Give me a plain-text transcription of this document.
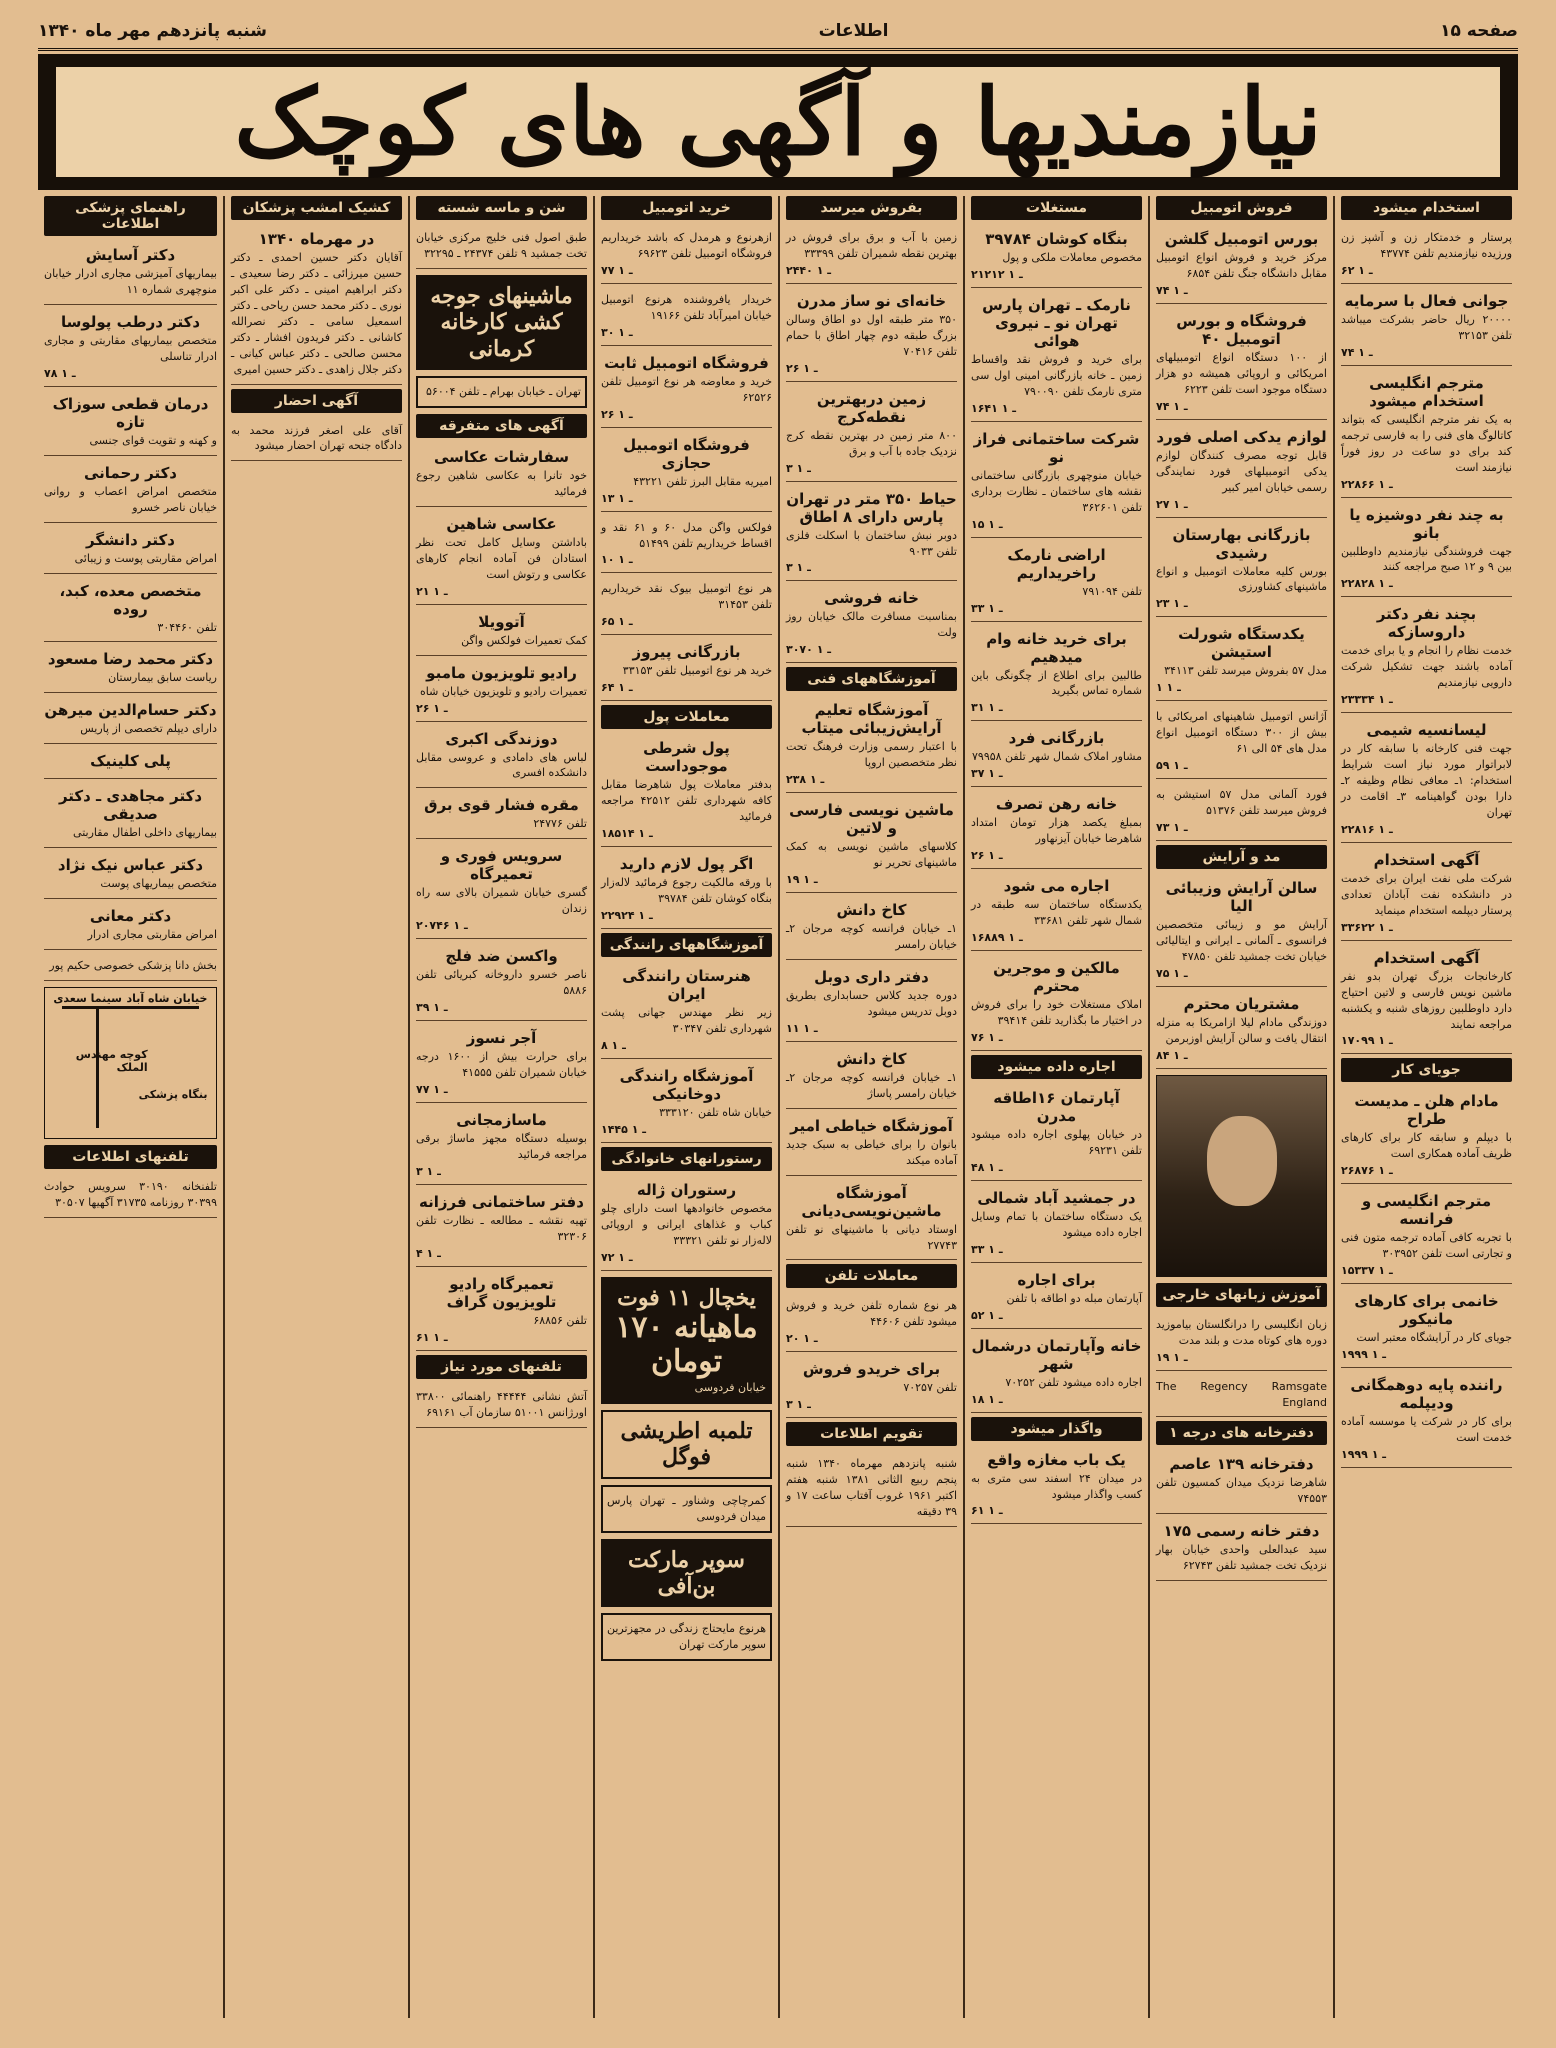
صفحه ۱۵
اطلاعات
شنبه پانزدهم مهر ماه ۱۳۴۰
نیازمندیها و آگهی های کوچک
استخدام میشود
پرستار و خدمتکار زن و آشپز زن ورزیده نیازمندیم تلفن ۴۳۷۷۴
۶۲ ـ ۱
جوانی فعال با سرمایه
۲۰۰۰۰ ریال حاضر بشرکت میباشد تلفن ۳۲۱۵۳
۷۴ ـ ۱
مترجم انگلیسی استخدام میشود
به یک نفر مترجم انگلیسی که بتواند کاتالوگ های فنی را به فارسی ترجمه کند برای دو ساعت در روز فوراً نیازمند است
۲۲۸۶۶ ـ ۱
به چند نفر دوشیزه یا بانو
جهت فروشندگی نیازمندیم داوطلبین بین ۹ و ۱۲ صبح مراجعه کنند
۲۲۸۲۸ ـ ۱
بچند نفر دکتر داروسازکه
خدمت نظام را انجام و یا برای خدمت آماده باشند جهت تشکیل شرکت دارویی نیازمندیم
۲۳۳۳۴ ـ ۱
لیسانسیه شیمی
جهت فنی کارخانه با سابقه کار در لابراتوار مورد نیاز است شرایط استخدام: ۱ـ معافی نظام وظیفه ۲ـ دارا بودن گواهینامه ۳ـ اقامت در تهران
۲۲۸۱۶ ـ ۱
آگهی استخدام
شرکت ملی نفت ایران برای خدمت در دانشکده نفت آبادان تعدادی پرستار دیپلمه استخدام مینماید
۳۳۶۲۲ ـ ۱
آگهی استخدام
کارخانجات بزرگ تهران بدو نفر ماشین نویس فارسی و لاتین احتیاج دارد داوطلبین روزهای شنبه و یکشنبه مراجعه نمایند
۱۷۰۹۹ ـ ۱
جویای کار
مادام هلن ـ مدیست طراح
با دیپلم و سابقه کار برای کارهای ظریف آماده همکاری است
۲۶۸۷۶ ـ ۱
مترجم انگلیسی و فرانسه
با تجربه کافی آماده ترجمه متون فنی و تجارتی است تلفن ۳۰۳۹۵۲
۱۵۳۳۷ ـ ۱
خانمی برای کارهای مانیکور
جویای کار در آرایشگاه معتبر است
۱۹۹۹ ـ ۱
راننده پایه دوهمگانی ودیپلمه
برای کار در شرکت یا موسسه آماده خدمت است
۱۹۹۹ ـ ۱
فروش اتومبیل
بورس اتومبیل گلشن
مرکز خرید و فروش انواع اتومبیل مقابل دانشگاه جنگ تلفن ۶۸۵۴
۷۴ ـ ۱
فروشگاه و بورس اتومبیل ۴۰
از ۱۰۰ دستگاه انواع اتومبیلهای امریکائی و اروپائی همیشه دو هزار دستگاه موجود است تلفن ۶۲۲۳
۷۴ ـ ۱
لوازم یدکی اصلی فورد
قابل توجه مصرف کنندگان لوازم یدکی اتومبیلهای فورد نمایندگی رسمی خیابان امیر کبیر
۲۷ ـ ۱
بازرگانی بهارستان رشیدی
بورس کلیه معاملات اتومبیل و انواع ماشینهای کشاورزی
۲۳ ـ ۱
یکدستگاه شورلت استیشن
مدل ۵۷ بفروش میرسد تلفن ۳۴۱۱۳
۱ ـ ۱
آژانس اتومبیل شاهینهای امریکائی با بیش از ۳۰۰ دستگاه اتومبیل انواع مدل های ۵۴ الی ۶۱
۵۹ ـ ۱
فورد آلمانی مدل ۵۷ استیشن به فروش میرسد تلفن ۵۱۳۷۶
۷۳ ـ ۱
مد و آرایش
سالن آرایش وزیبائی الیا
آرایش مو و زیبائی متخصصین فرانسوی ـ آلمانی ـ ایرانی و ایتالیائی خیابان تخت جمشید تلفن ۴۷۸۵۰
۷۵ ـ ۱
مشتریان محترم
دوزندگی مادام لیلا ازامریکا به منزله انتقال یافت و سالن آرایش اوزبرمن
۸۴ ـ ۱
آموزش زبانهای خارجی
زبان انگلیسی را درانگلستان بیاموزید دوره های کوتاه مدت و بلند مدت
۱۹ ـ ۱
The Regency Ramsgate England
دفترخانه های درجه ۱
دفترخانه ۱۳۹ عاصم
شاهرضا نزدیک میدان کمسیون تلفن ۷۴۵۵۳
دفتر خانه رسمی ۱۷۵
سید عبدالعلی واحدی خیابان بهار نزدیک تخت جمشید تلفن ۶۲۷۴۳
مستغلات
بنگاه کوشان ۳۹۷۸۴
مخصوص معاملات ملکی و پول
۲۱۲۱۲ ـ ۱
نارمک ـ تهران پارس تهران نو ـ نیروی هوائی
برای خرید و فروش نقد واقساط زمین ـ خانه بازرگانی امینی اول سی متری نارمک تلفن ۷۹۰۰۹۰
۱۶۴۱ ـ ۱
شرکت ساختمانی فراز نو
خیابان منوچهری بازرگانی ساختمانی نقشه های ساختمان ـ نظارت برداری تلفن ۳۶۲۶۰۱
۱۵ ـ ۱
اراضی نارمک راخریداریم
تلفن ۷۹۱۰۹۴
۳۳ ـ ۱
برای خرید خانه وام میدهیم
طالبین برای اطلاع از چگونگی باین شماره تماس بگیرید
۳۱ ـ ۱
بازرگانی فرد
مشاور املاک شمال شهر تلفن ۷۹۹۵۸
۳۷ ـ ۱
خانه رهن تصرف
بمبلغ یکصد هزار تومان امتداد شاهرضا خیابان آیزنهاور
۲۶ ـ ۱
اجاره می شود
یکدستگاه ساختمان سه طبقه در شمال شهر تلفن ۳۳۶۸۱
۱۶۸۸۹ ـ ۱
مالکین و موجرین محترم
املاک مستغلات خود را برای فروش در اختیار ما بگذارید تلفن ۳۹۴۱۴
۷۶ ـ ۱
اجاره داده میشود
آپارتمان ۱۶اطاقه مدرن
در خیابان پهلوی اجاره داده میشود تلفن ۶۹۲۳۱
۴۸ ـ ۱
در جمشید آباد شمالی
یک دستگاه ساختمان با تمام وسایل اجاره داده میشود
۳۳ ـ ۱
برای اجاره
آپارتمان مبله دو اطاقه با تلفن
۵۲ ـ ۱
خانه وآپارتمان درشمال شهر
اجاره داده میشود تلفن ۷۰۲۵۲
۱۸ ـ ۱
واگذار میشود
یک باب مغازه واقع
در میدان ۲۴ اسفند سی متری به کسب واگذار میشود
۶۱ ـ ۱
بفروش میرسد
زمین با آب و برق برای فروش در بهترین نقطه شمیران تلفن ۳۳۳۹۹
۲۴۴۰ ـ ۱
خانه‌ای نو ساز مدرن
۳۵۰ متر طبقه اول دو اطاق وسالن بزرگ طبقه دوم چهار اطاق با حمام تلفن ۷۰۴۱۶
۲۶ ـ ۱
زمین دربهترین نقطه‌کرج
۸۰۰ متر زمین در بهترین نقطه کرج نزدیک جاده با آب و برق
۳ ـ ۱
حیاط ۳۵۰ متر در تهران پارس دارای ۸ اطاق
دوبر نبش ساختمان با اسکلت فلزی تلفن ۹۰۳۳
۳ ـ ۱
خانه فروشی
بمناسبت مسافرت مالک خیابان روز ولت
۳۰۷۰ ـ ۱
آموزشگاههای فنی
آموزشگاه تعلیم آرایش‌زیبائی میتاب
با اعتبار رسمی وزارت فرهنگ تحت نظر متخصصین اروپا
۲۳۸ ـ ۱
ماشین نویسی فارسی و لاتین
کلاسهای ماشین نویسی به کمک ماشینهای تحریر نو
۱۹ ـ ۱
کاخ دانش
۱ـ خیابان فرانسه کوچه مرجان ۲ـ خیابان رامسر
دفتر داری دوبل
دوره جدید کلاس حسابداری بطریق دوبل تدریس میشود
۱۱ ـ ۱
کاخ دانش
۱ـ خیابان فرانسه کوچه مرجان ۲ـ خیابان رامسر پاساژ
آموزشگاه خیاطی امیر
بانوان را برای خیاطی به سبک جدید آماده میکند
آموزشگاه ماشین‌نویسی‌دیانی
اوستاد دیانی با ماشینهای نو تلفن ۲۷۷۴۳
معاملات تلفن
هر نوع شماره تلفن خرید و فروش میشود تلفن ۴۴۶۰۶
۲۰ ـ ۱
برای خریدو فروش
تلفن ۷۰۲۵۷
۳ ـ ۱
تقویم اطلاعات
شنبه پانزدهم مهرماه ۱۳۴۰ شنبه پنجم ربیع الثانی ۱۳۸۱ شنبه هفتم اکتبر ۱۹۶۱ غروب آفتاب ساعت ۱۷ و ۳۹ دقیقه
خرید اتومبیل
ازهرنوع و هرمدل که باشد خریداریم فروشگاه اتومبیل تلفن ۶۹۶۲۳
۷۷ ـ ۱
خریدار یافروشنده هرنوع اتومبیل خیابان امیرآباد تلفن ۱۹۱۶۶
۳۰ ـ ۱
فروشگاه اتومبیل ثابت
خرید و معاوضه هر نوع اتومبیل تلفن ۶۲۵۲۶
۲۶ ـ ۱
فروشگاه اتومبیل حجازی
امیریه مقابل البرز تلفن ۴۳۲۲۱
۱۳ ـ ۱
فولکس واگن مدل ۶۰ و ۶۱ نقد و اقساط خریداریم تلفن ۵۱۴۹۹
۱۰ ـ ۱
هر نوع اتومبیل بیوک نقد خریداریم تلفن ۳۱۴۵۳
۶۵ ـ ۱
بازرگانی پیروز
خرید هر نوع اتومبیل تلفن ۳۳۱۵۳
۶۴ ـ ۱
معاملات پول
پول شرطی موجوداست
بدفتر معاملات پول شاهرضا مقابل کافه شهرداری تلفن ۴۲۵۱۲ مراجعه فرمائید
۱۸۵۱۴ ـ ۱
اگر پول لازم دارید
با ورقه مالکیت رجوع فرمائید لاله‌زار بنگاه کوشان تلفن ۳۹۷۸۴
۲۲۹۲۴ ـ ۱
آموزشگاههای رانندگی
هنرستان رانندگی ایران
زیر نظر مهندس جهانی پشت شهرداری تلفن ۳۰۳۴۷
۸ ـ ۱
آموزشگاه رانندگی دوخانیکی
خیابان شاه تلفن ۳۳۳۱۲۰
۱۴۴۵ ـ ۱
رستورانهای خانوادگی
رستوران ژاله
مخصوص خانوادهها است دارای چلو کباب و غذاهای ایرانی و اروپائی لاله‌زار نو تلفن ۳۳۳۲۱
۷۲ ـ ۱
یخچال ۱۱ فوت
ماهیانه ۱۷۰ تومان
خیابان فردوسی
تلمبه اطریشی فوگل
کمرچاچی وشناور ـ تهران پارس میدان فردوسی
سوپر مارکت بن‌آفی
هرنوع مایحتاج زندگی در مجهزترین سوپر مارکت تهران
شن و ماسه شسته
طبق اصول فنی خلیج مرکزی خیابان تخت جمشید ۹ تلفن ۲۴۳۷۴ ـ ۳۲۲۹۵
ماشینهای جوجه کشی کارخانه کرمانی
تهران ـ خیابان بهرام ـ تلفن ۵۶۰۰۴
آگهی های متفرقه
سفارشات عکاسی
خود تانرا به عکاسی شاهین رجوع فرمائید
عکاسی شاهین
باداشتن وسایل کامل تحت نظر استادان فن آماده انجام کارهای عکاسی و رتوش است
۲۱ ـ ۱
آتوویلا
کمک تعمیرات فولکس واگن
رادیو تلویزیون مامبو
تعمیرات رادیو و تلویزیون خیابان شاه
۲۶ ـ ۱
دوزندگی اکبری
لباس های دامادی و عروسی مقابل دانشکده افسری
مقره فشار قوی برق
تلفن ۲۴۷۷۶
سرویس فوری و تعمیرگاه
گسری خیابان شمیران بالای سه راه زندان
۲۰۷۴۶ ـ ۱
واکسن ضد فلج
ناصر خسرو داروخانه کبریائی تلفن ۵۸۸۶
۳۹ ـ ۱
آجر نسوز
برای حرارت بیش از ۱۶۰۰ درجه خیابان شمیران تلفن ۴۱۵۵۵
۷۷ ـ ۱
ماسازمجانی
بوسیله دستگاه مجهز ماساژ برقی مراجعه فرمائید
۳ ـ ۱
دفتر ساختمانی فرزانه
تهیه نقشه ـ مطالعه ـ نظارت تلفن ۳۲۳۰۶
۴ ـ ۱
تعمیرگاه رادیو تلویزیون گراف
تلفن ۶۸۸۵۶
۶۱ ـ ۱
تلفنهای مورد نیاز
آتش نشانی ۴۴۴۴۴ راهنمائی ۳۳۸۰۰ اورژانس ۵۱۰۰۱ سازمان آب ۶۹۱۶۱
کشیک امشب پزشکان
در مهرماه ۱۳۴۰
آقایان دکتر حسین احمدی ـ دکتر حسین میرزائی ـ دکتر رضا سعیدی ـ دکتر ابراهیم امینی ـ دکتر علی اکبر نوری ـ دکتر محمد حسن ریاحی ـ دکتر اسمعیل سامی ـ دکتر نصرالله کاشانی ـ دکتر فریدون افشار ـ دکتر محسن صالحی ـ دکتر عباس کیانی ـ دکتر جلال زاهدی ـ دکتر حسین امیری
آگهی احضار
آقای علی اصغر فرزند محمد به دادگاه جنحه تهران احضار میشود
راهنمای پزشکی اطلاعات
دکتر آسایش
بیماریهای آمیزشی مجاری ادرار خیابان منوچهری شماره ۱۱
دکتر درطب پولوسا
متخصص بیماریهای مقاربتی و مجاری ادرار تناسلی
۷۸ ـ ۱
درمان قطعی سوزاک تازه
و کهنه و تقویت قوای جنسی
دکتر رحمانی
متخصص امراض اعصاب و روانی خیابان ناصر خسرو
دکتر دانشگر
امراض مقاربتی پوست و زیبائی
متخصص معده، کبد، روده
تلفن ۳۰۴۴۶۰
دکتر محمد رضا مسعود
ریاست سابق بیمارستان
دکتر حسام‌الدین میرهن
دارای دیپلم تخصصی از پاریس
پلی کلینیک
دکتر مجاهدی ـ دکتر صدیقی
بیماریهای داخلی اطفال مقاربتی
دکتر عباس نیک نژاد
متخصص بیماریهای پوست
دکتر معانی
امراض مقاربتی مجاری ادرار
بخش دانا پزشکی خصوصی حکیم پور
خیابان شاه آباد
سینما سعدی
کوچه مهندس الملک
بنگاه پزشکی
تلفنهای اطلاعات
تلفنخانه ۳۰۱۹۰ سرویس حوادث ۳۰۳۹۹ روزنامه ۳۱۷۳۵ آگهیها ۳۰۵۰۷
